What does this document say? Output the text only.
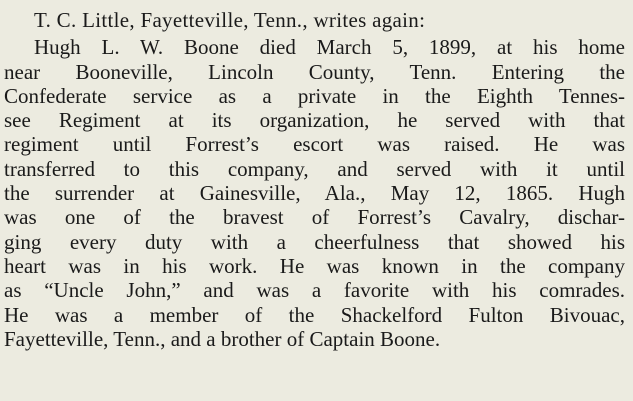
T. C. Little, Fayetteville, Tenn., writes again:
Hugh L. W. Boone died March 5, 1899, at his home
near Booneville, Lincoln County, Tenn. Entering the
Confederate service as a private in the Eighth Tennes-
see Regiment at its organization, he served with that
regiment until Forrest’s escort was raised. He was
transferred to this company, and served with it until
the surrender at Gainesville, Ala., May 12, 1865. Hugh
was one of the bravest of Forrest’s Cavalry, dischar-
ging every duty with a cheerfulness that showed his
heart was in his work. He was known in the company
as “Uncle John,” and was a favorite with his comrades.
He was a member of the Shackelford Fulton Bivouac,
Fayetteville, Tenn., and a brother of Captain Boone.
